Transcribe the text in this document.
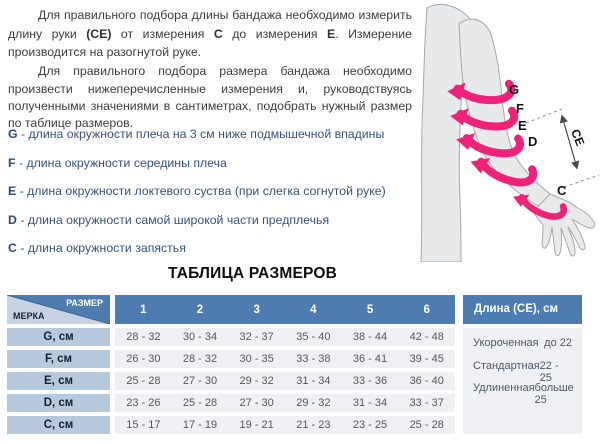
Для правильного подбора длины бандажа необходимо измерить длину руки (CE) от измерения C до измерения E. Измерение производится на разогнутой руке.

Для правильного подбора размера бандажа необходимо произвести нижеперечисленные измерения и, руководствуясь полученными значениями в сантиметрах, подобрать нужный размер по таблице размеров.

G - длина окружности плеча на 3 см ниже подмышечной впадины
F - длина окружности середины плеча
E - длина окружности локтевого суства (при слегка согнутой руке)
D - длина окружности самой широкой части предплечья
C - длина окружности запястья
G
F
E
D
C
CE
ТАБЛИЦА РАЗМЕРОВ
РАЗМЕР
МЕРКА
1	2	3	4	5	6
G, см	28 - 32	30 - 34	32 - 37	35 - 40	38 - 44	42 - 48
F, см	26 - 30	28 - 32	30 - 35	33 - 38	36 - 41	39 - 45
E, см	25 - 28	27 - 30	29 - 32	31 - 34	33 - 36	36 - 40
D, см	23 - 26	25 - 28	27 - 30	29 - 32	31 - 34	33 - 37
C, см	15 - 17	17 - 19	19 - 21	21 - 23	23 - 25	25 - 28
Длина (CE), см
Укороченная до 22
Стандартная 22 - 25
Удлиненная больше 25
